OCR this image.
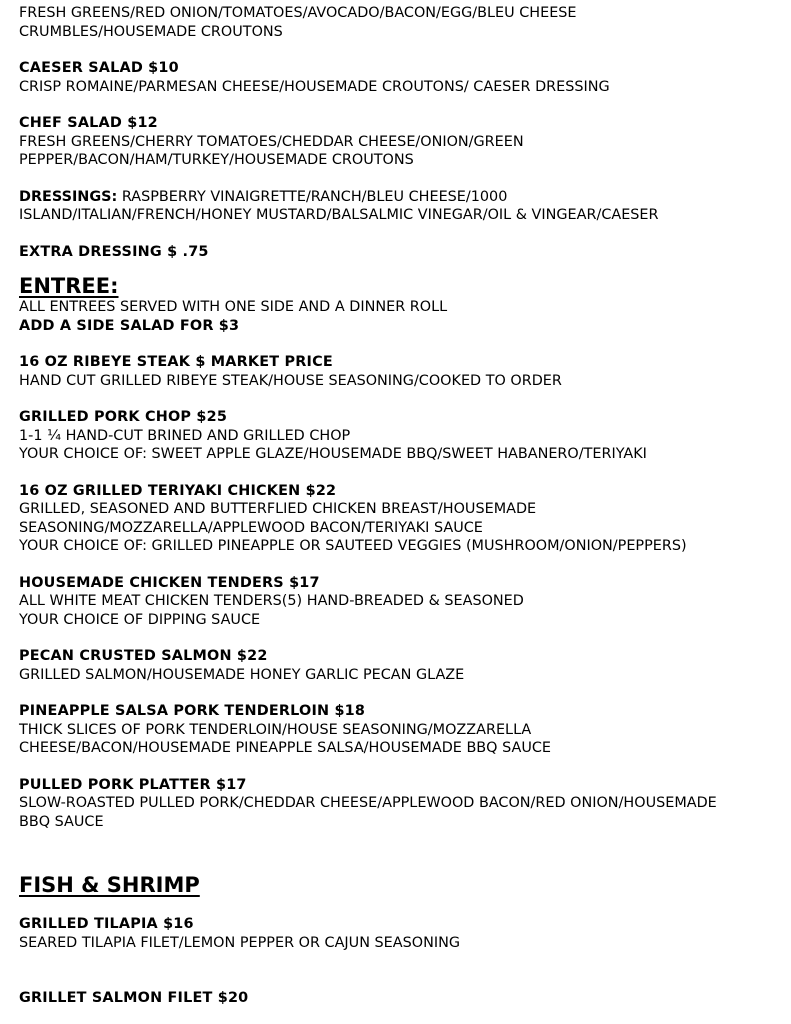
FRESH GREENS/RED ONION/TOMATOES/AVOCADO/BACON/EGG/BLEU CHEESE
CRUMBLES/HOUSEMADE CROUTONS
CAESER SALAD $10
CRISP ROMAINE/PARMESAN CHEESE/HOUSEMADE CROUTONS/ CAESER DRESSING
CHEF SALAD $12
FRESH GREENS/CHERRY TOMATOES/CHEDDAR CHEESE/ONION/GREEN
PEPPER/BACON/HAM/TURKEY/HOUSEMADE CROUTONS
DRESSINGS: RASPBERRY VINAIGRETTE/RANCH/BLEU CHEESE/1000
ISLAND/ITALIAN/FRENCH/HONEY MUSTARD/BALSALMIC VINEGAR/OIL & VINGEAR/CAESER
EXTRA DRESSING $ .75
ENTREE:
ALL ENTREES SERVED WITH ONE SIDE AND A DINNER ROLL
ADD A SIDE SALAD FOR $3
16 OZ RIBEYE STEAK $ MARKET PRICE
HAND CUT GRILLED RIBEYE STEAK/HOUSE SEASONING/COOKED TO ORDER
GRILLED PORK CHOP $25
1-1 ¼ HAND-CUT BRINED AND GRILLED CHOP
YOUR CHOICE OF: SWEET APPLE GLAZE/HOUSEMADE BBQ/SWEET HABANERO/TERIYAKI
16 OZ GRILLED TERIYAKI CHICKEN $22
GRILLED, SEASONED AND BUTTERFLIED CHICKEN BREAST/HOUSEMADE
SEASONING/MOZZARELLA/APPLEWOOD BACON/TERIYAKI SAUCE
YOUR CHOICE OF: GRILLED PINEAPPLE OR SAUTEED VEGGIES (MUSHROOM/ONION/PEPPERS)
HOUSEMADE CHICKEN TENDERS $17
ALL WHITE MEAT CHICKEN TENDERS(5) HAND-BREADED & SEASONED
YOUR CHOICE OF DIPPING SAUCE
PECAN CRUSTED SALMON $22
GRILLED SALMON/HOUSEMADE HONEY GARLIC PECAN GLAZE
PINEAPPLE SALSA PORK TENDERLOIN $18
THICK SLICES OF PORK TENDERLOIN/HOUSE SEASONING/MOZZARELLA
CHEESE/BACON/HOUSEMADE PINEAPPLE SALSA/HOUSEMADE BBQ SAUCE
PULLED PORK PLATTER $17
SLOW-ROASTED PULLED PORK/CHEDDAR CHEESE/APPLEWOOD BACON/RED ONION/HOUSEMADE
BBQ SAUCE
FISH & SHRIMP
GRILLED TILAPIA $16
SEARED TILAPIA FILET/LEMON PEPPER OR CAJUN SEASONING
GRILLET SALMON FILET $20
